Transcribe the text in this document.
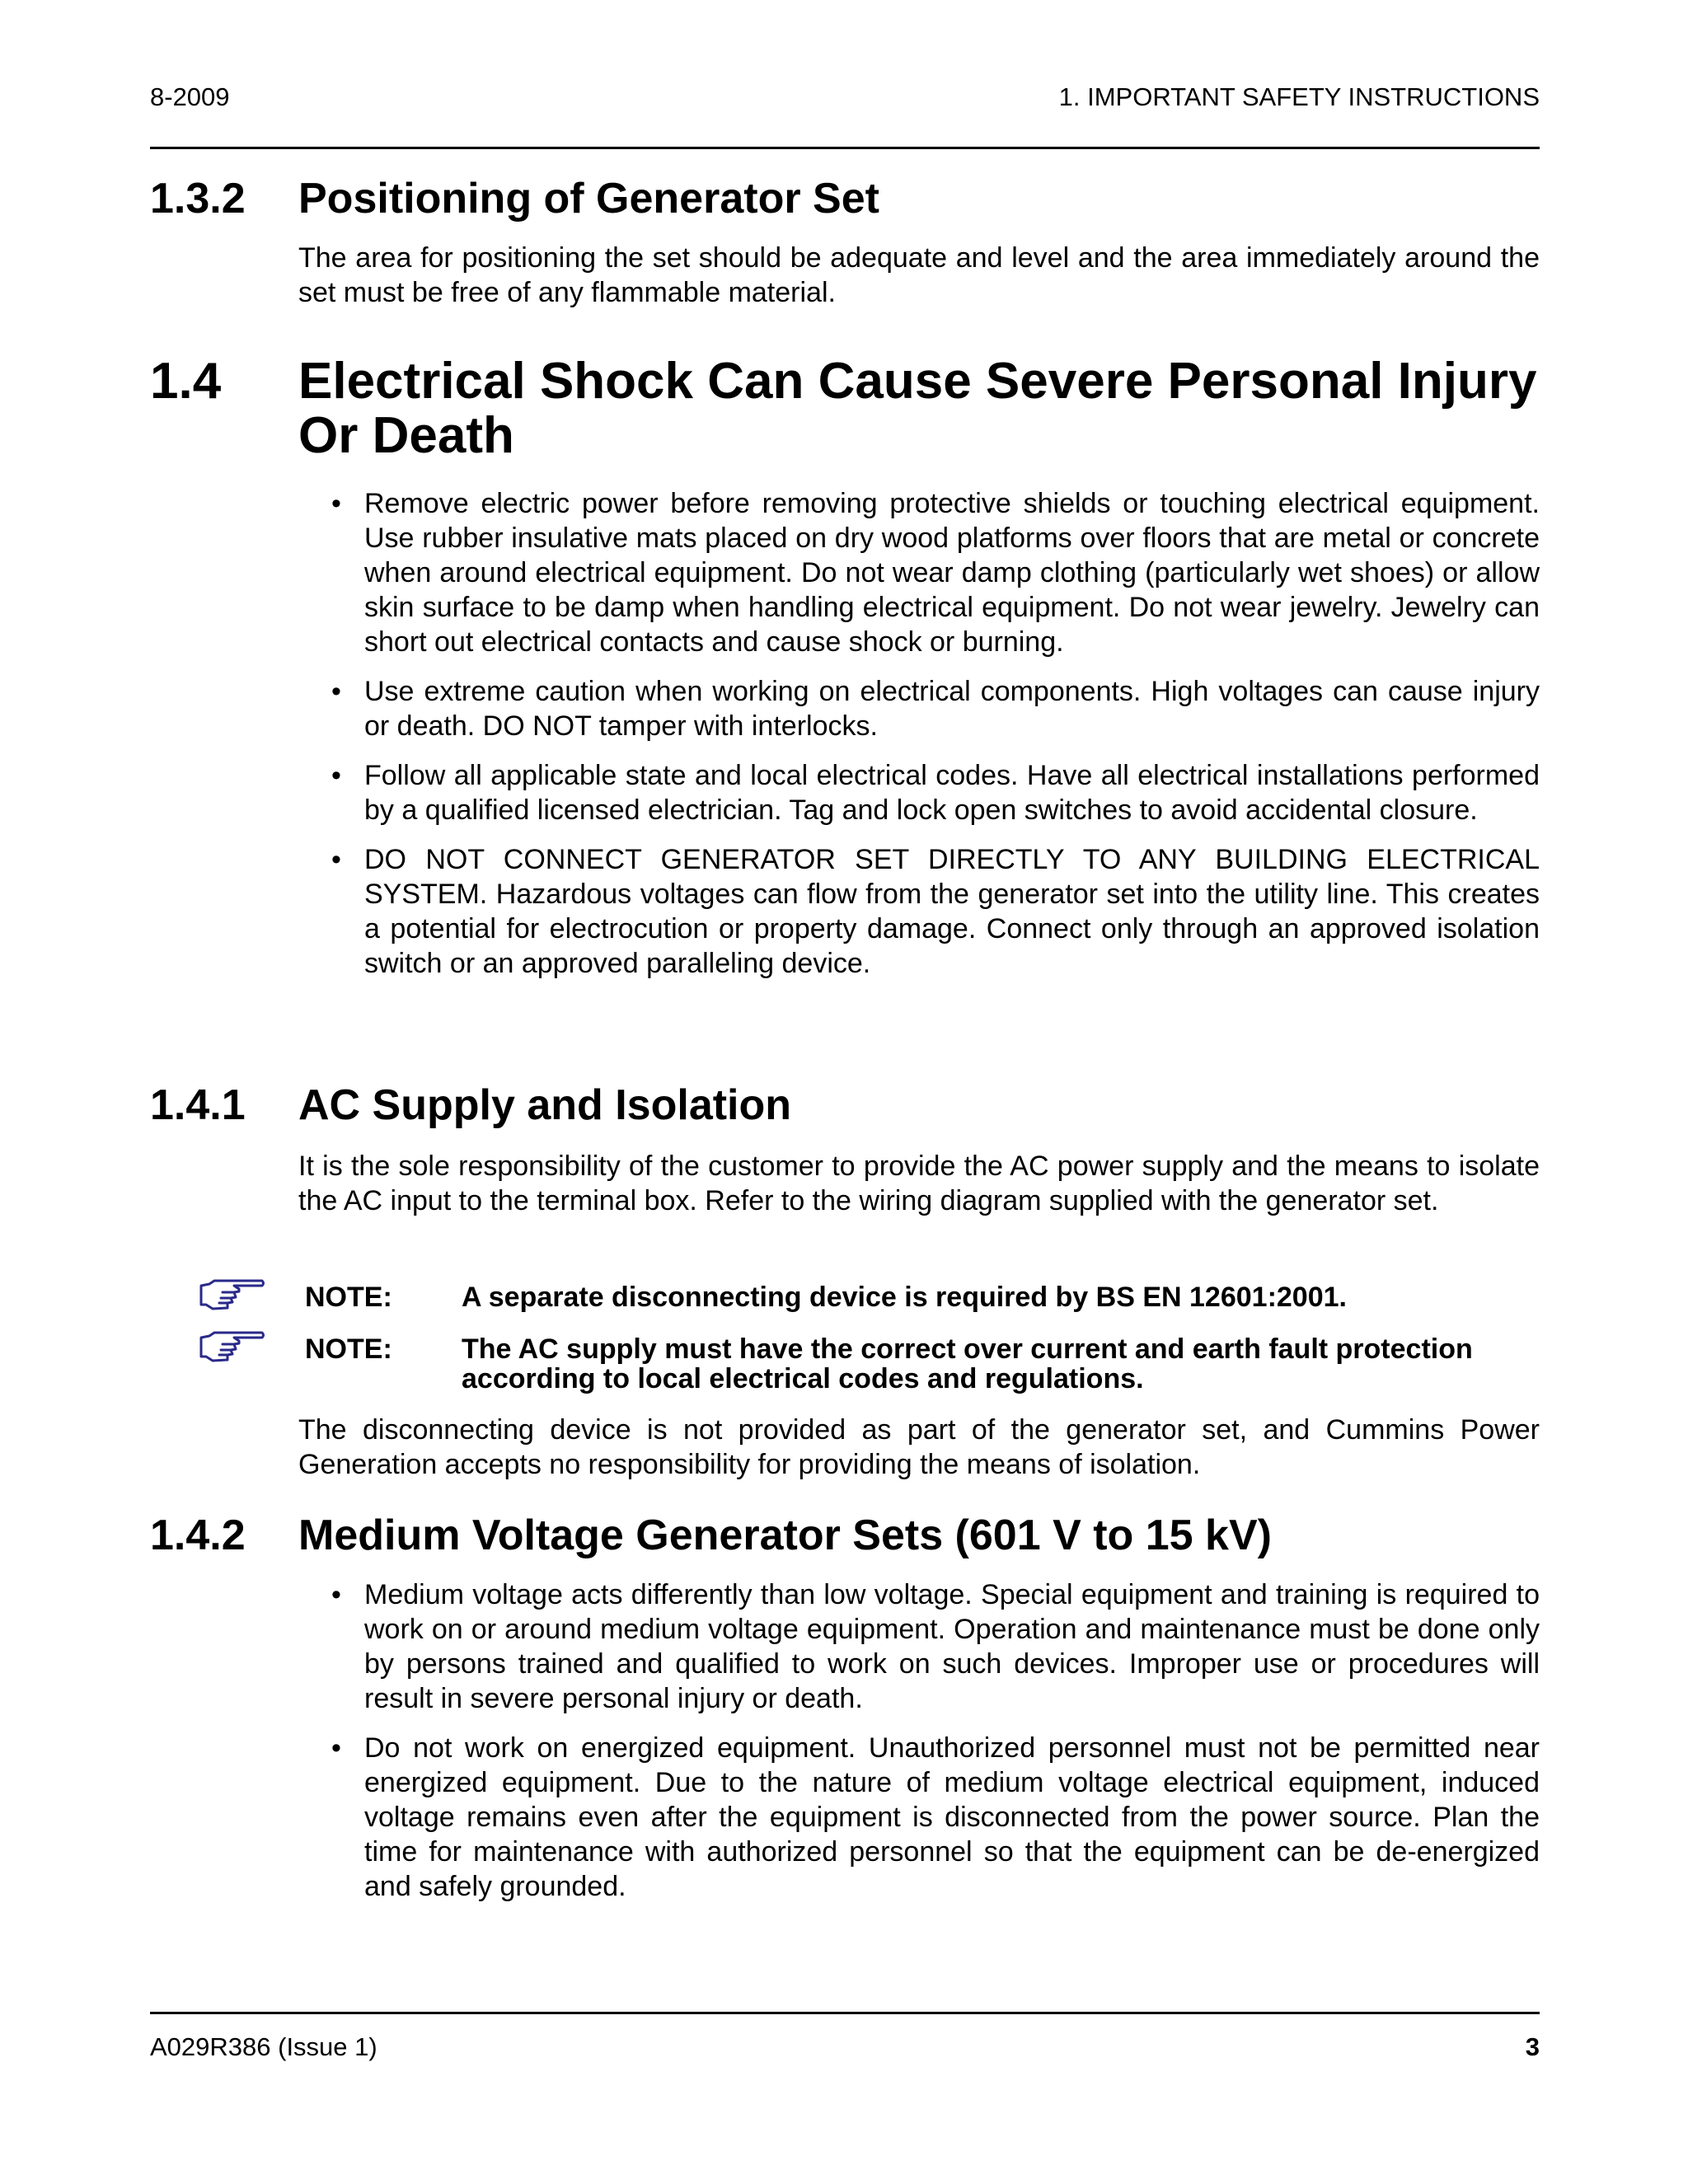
8-2009	1. IMPORTANT SAFETY INSTRUCTIONS
1.3.2 Positioning of Generator Set
The area for positioning the set should be adequate and level and the area immediately around the set must be free of any flammable material.
1.4 Electrical Shock Can Cause Severe Personal Injury Or Death
• Remove electric power before removing protective shields or touching electrical equipment. Use rubber insulative mats placed on dry wood platforms over floors that are metal or concrete when around electrical equipment. Do not wear damp clothing (particularly wet shoes) or allow skin surface to be damp when handling electrical equipment. Do not wear jewelry. Jewelry can short out electrical contacts and cause shock or burning.
• Use extreme caution when working on electrical components. High voltages can cause injury or death. DO NOT tamper with interlocks.
• Follow all applicable state and local electrical codes. Have all electrical installations performed by a qualified licensed electrician. Tag and lock open switches to avoid accidental closure.
• DO NOT CONNECT GENERATOR SET DIRECTLY TO ANY BUILDING ELECTRICAL SYSTEM. Hazardous voltages can flow from the generator set into the utility line. This creates a potential for electrocution or property damage. Connect only through an approved isolation switch or an approved paralleling device.
1.4.1 AC Supply and Isolation
It is the sole responsibility of the customer to provide the AC power supply and the means to isolate the AC input to the terminal box. Refer to the wiring diagram supplied with the generator set.
NOTE: A separate disconnecting device is required by BS EN 12601:2001.
NOTE: The AC supply must have the correct over current and earth fault protection according to local electrical codes and regulations.
The disconnecting device is not provided as part of the generator set, and Cummins Power Generation accepts no responsibility for providing the means of isolation.
1.4.2 Medium Voltage Generator Sets (601 V to 15 kV)
• Medium voltage acts differently than low voltage. Special equipment and training is required to work on or around medium voltage equipment. Operation and maintenance must be done only by persons trained and qualified to work on such devices. Improper use or procedures will result in severe personal injury or death.
• Do not work on energized equipment. Unauthorized personnel must not be permitted near energized equipment. Due to the nature of medium voltage electrical equipment, induced voltage remains even after the equipment is disconnected from the power source. Plan the time for maintenance with authorized personnel so that the equipment can be de-energized and safely grounded.
A029R386 (Issue 1)	3
